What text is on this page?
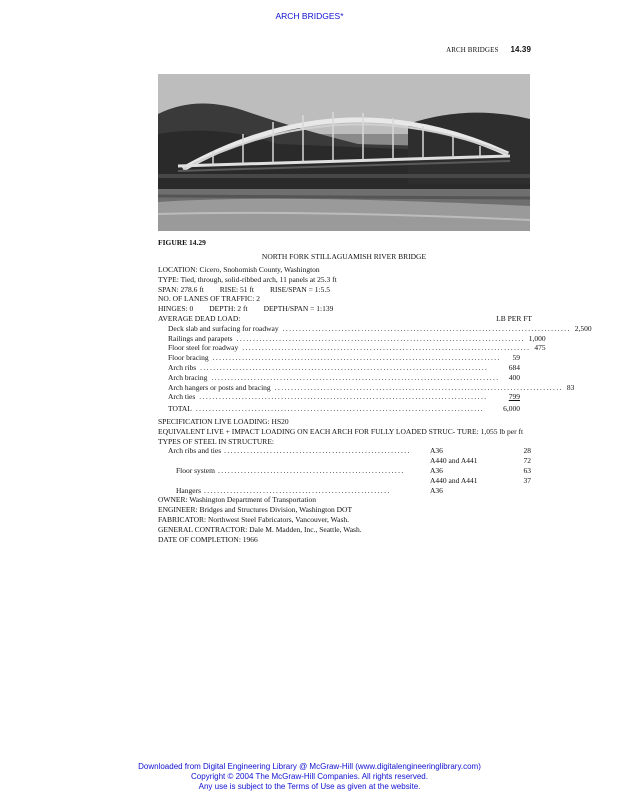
ARCH BRIDGES*
ARCH BRIDGES 14.39
FIGURE 14.29
NORTH FORK STILLAGUAMISH RIVER BRIDGE
LOCATION: Cicero, Snohomish County, Washington
TYPE: Tied, through, solid-ribbed arch, 11 panels at 25.3 ft
SPAN: 278.6 ft RISE: 51 ft RISE/SPAN = 1:5.5
NO. OF LANES OF TRAFFIC: 2
HINGES: 0 DEPTH: 2 ft DEPTH/SPAN = 1:139
AVERAGE DEAD LOAD:	LB PER FT
Deck slab and surfacing for roadway ........................................................................................ 2,500
Railings and parapets ........................................................................................ 1,000
Floor steel for roadway ........................................................................................ 475
Floor bracing ........................................................................................	59
Arch ribs ........................................................................................	684
Arch bracing ........................................................................................	400
Arch hangers or posts and bracing ........................................................................................ 83
Arch ties ........................................................................................	799
TOTAL ........................................................................................	6,000
SPECIFICATION LIVE LOADING: HS20
EQUIVALENT LIVE + IMPACT LOADING ON EACH ARCH FOR FULLY LOADED STRUC- TURE: 1,055 lb per ft
TYPES OF STEEL IN STRUCTURE:
Arch ribs and ties .........................................................	A36	28
A440 and A441	72
Floor system .........................................................	A36	63
A440 and A441	37
Hangers .........................................................	A36
OWNER: Washington Department of Transportation
ENGINEER: Bridges and Structures Division, Washington DOT
FABRICATOR: Northwest Steel Fabricators, Vancouver, Wash.
GENERAL CONTRACTOR: Dale M. Madden, Inc., Seattle, Wash.
DATE OF COMPLETION: 1966
Downloaded from Digital Engineering Library @ McGraw-Hill (www.digitalengineeringlibrary.com)
Copyright © 2004 The McGraw-Hill Companies. All rights reserved.
Any use is subject to the Terms of Use as given at the website.
